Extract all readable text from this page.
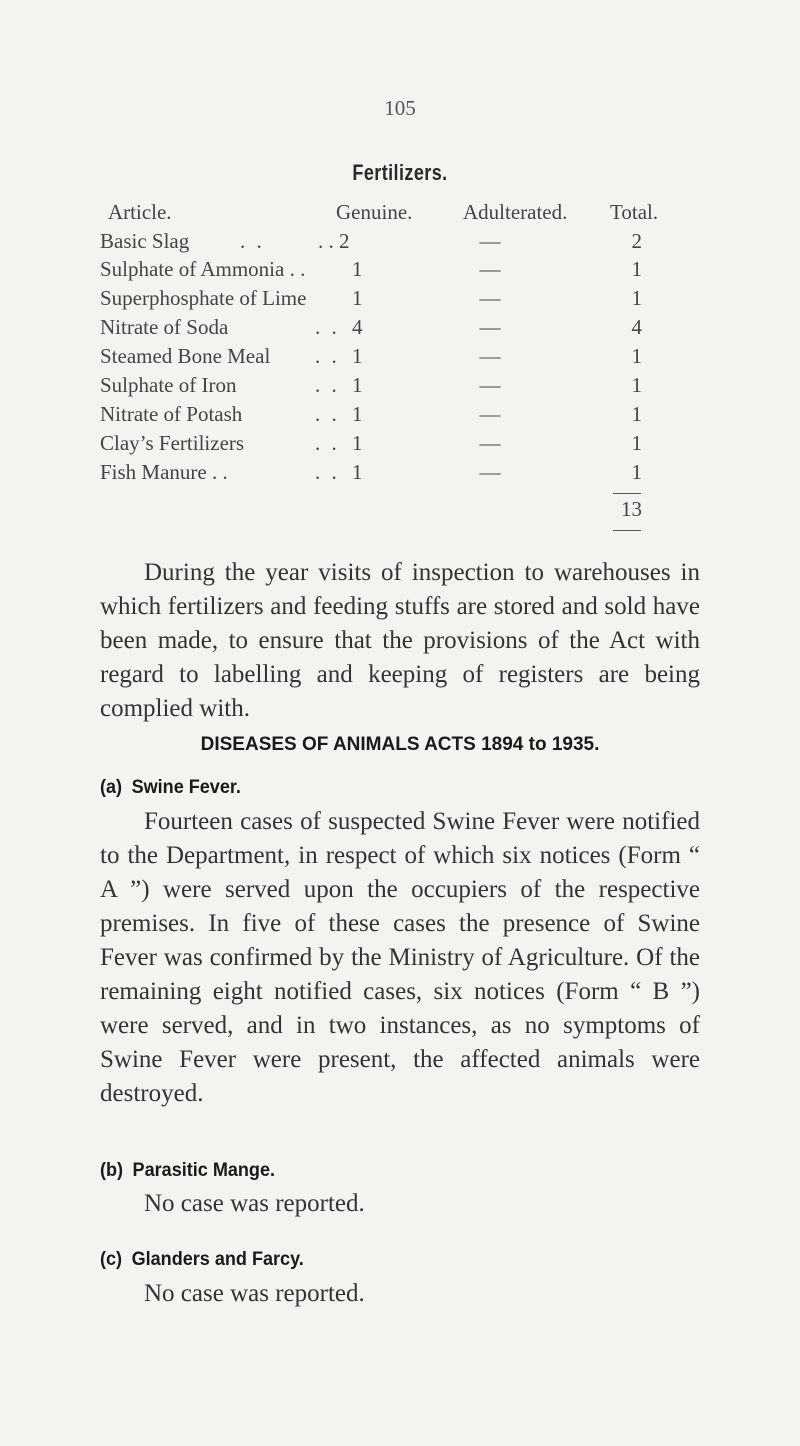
105
Fertilizers.
Article.	Genuine. Adulterated. Total.
Basic Slag . .	. . 2	—	2
Sulphate of Ammonia . . 1	—	1
Superphosphate of Lime 1	—	1
Nitrate of Soda	. . 4	—	4
Steamed Bone Meal . . 1	—	1
Sulphate of Iron	. . 1	—	1
Nitrate of Potash	. . 1	—	1
Clay’s Fertilizers	. . 1	—	1
Fish Manure . .	. . 1	—	1
13
During the year visits of inspection to warehouses in which fertilizers and feeding stuffs are stored and sold have been made, to ensure that the provisions of the Act with regard to labelling and keeping of registers are being complied with.
DISEASES OF ANIMALS ACTS 1894 to 1935.
(a) Swine Fever.
Fourteen cases of suspected Swine Fever were notified to the Department, in respect of which six notices (Form “ A ”) were served upon the occupiers of the respective premises. In five of these cases the presence of Swine Fever was confirmed by the Ministry of Agriculture. Of the remaining eight notified cases, six notices (Form “ B ”) were served, and in two instances, as no symptoms of Swine Fever were present, the affected animals were destroyed.
(b) Parasitic Mange.
No case was reported.
(c) Glanders and Farcy.
No case was reported.
